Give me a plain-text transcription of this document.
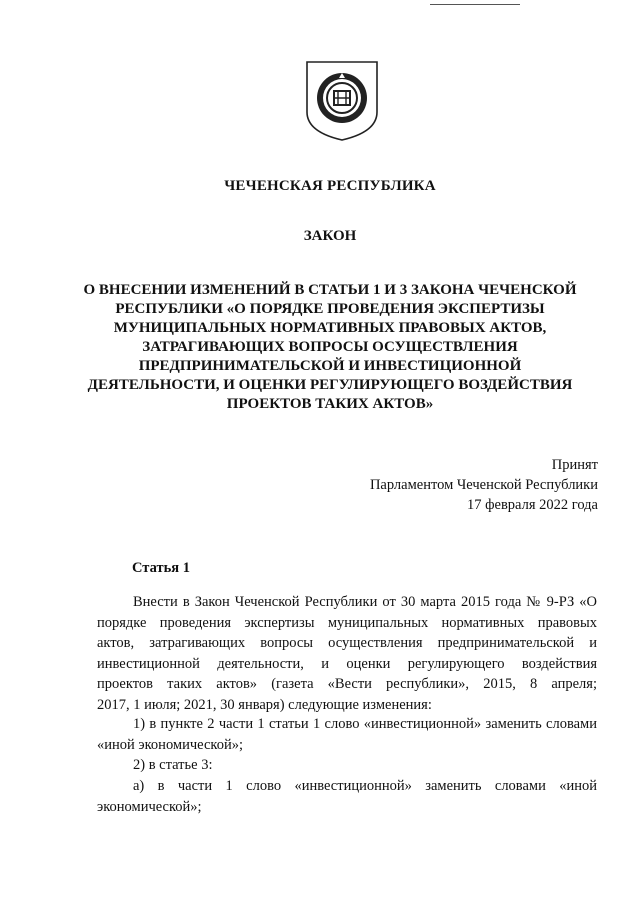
ЧЕЧЕНСКАЯ РЕСПУБЛИКА
ЗАКОН
О ВНЕСЕНИИ ИЗМЕНЕНИЙ В СТАТЬИ 1 И 3 ЗАКОНА ЧЕЧЕНСКОЙ
РЕСПУБЛИКИ «О ПОРЯДКЕ ПРОВЕДЕНИЯ ЭКСПЕРТИЗЫ
МУНИЦИПАЛЬНЫХ НОРМАТИВНЫХ ПРАВОВЫХ АКТОВ,
ЗАТРАГИВАЮЩИХ ВОПРОСЫ ОСУЩЕСТВЛЕНИЯ
ПРЕДПРИНИМАТЕЛЬСКОЙ И ИНВЕСТИЦИОННОЙ
ДЕЯТЕЛЬНОСТИ, И ОЦЕНКИ РЕГУЛИРУЮЩЕГО ВОЗДЕЙСТВИЯ
ПРОЕКТОВ ТАКИХ АКТОВ»
Принят
Парламентом Чеченской Республики
17 февраля 2022 года
Статья 1
Внести в Закон Чеченской Республики от 30 марта 2015 года № 9-РЗ «О
порядке проведения экспертизы муниципальных нормативных правовых
актов, затрагивающих вопросы осуществления предпринимательской и
инвестиционной деятельности, и оценки регулирующего воздействия
проектов таких актов» (газета «Вести республики», 2015, 8 апреля;
2017, 1 июля; 2021, 30 января) следующие изменения:
1) в пункте 2 части 1 статьи 1 слово «инвестиционной» заменить словами
«иной экономической»;
2) в статье 3:
а) в части 1 слово «инвестиционной» заменить словами «иной
экономической»;
